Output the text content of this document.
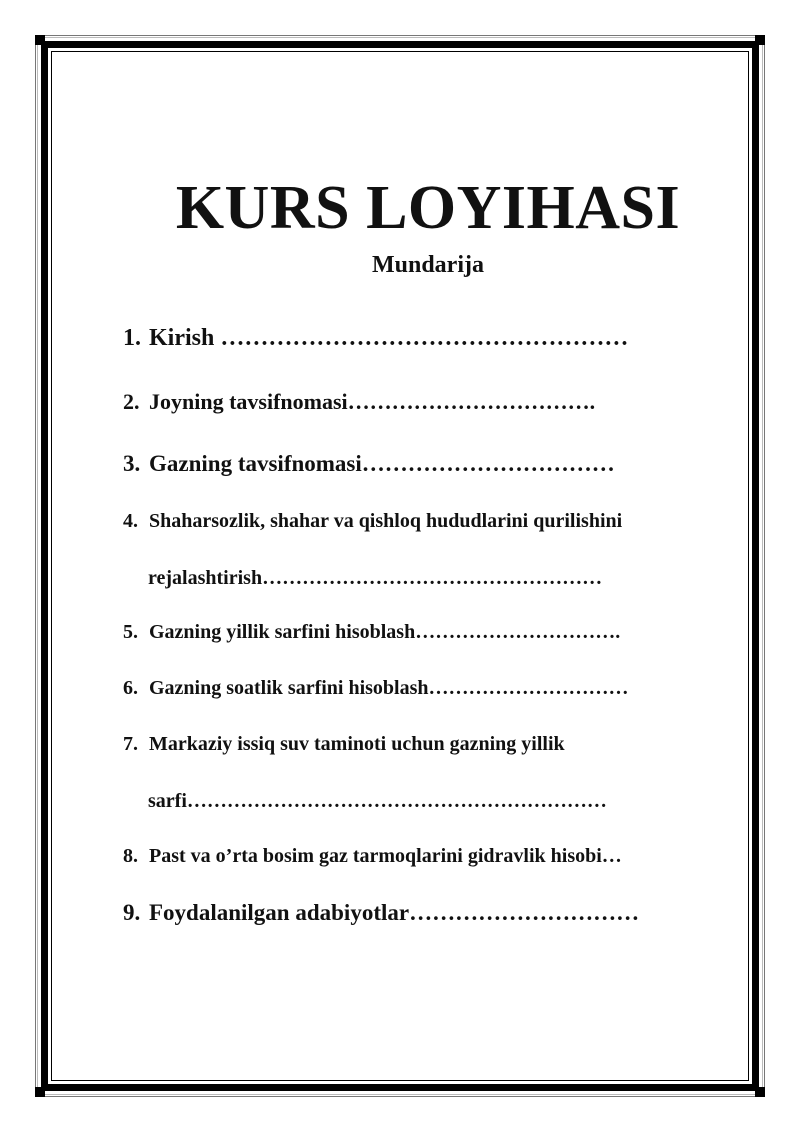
KURS LOYIHASI
Mundarija
1. Kirish ……………………………………………
2. Joyning tavsifnomasi…………………………….
3. Gazning tavsifnomasi……………………………
4. Shaharsozlik, shahar va qishloq hududlarini qurilishini
rejalashtirish……………………………………………
5. Gazning yillik sarfini hisoblash………………………….
6. Gazning soatlik sarfini hisoblash…………………………
7. Markaziy issiq suv taminoti uchun gazning yillik
sarfi………………………………………………………
8. Past va o’rta bosim gaz tarmoqlarini gidravlik hisobi…
9. Foydalanilgan adabiyotlar…………………………
